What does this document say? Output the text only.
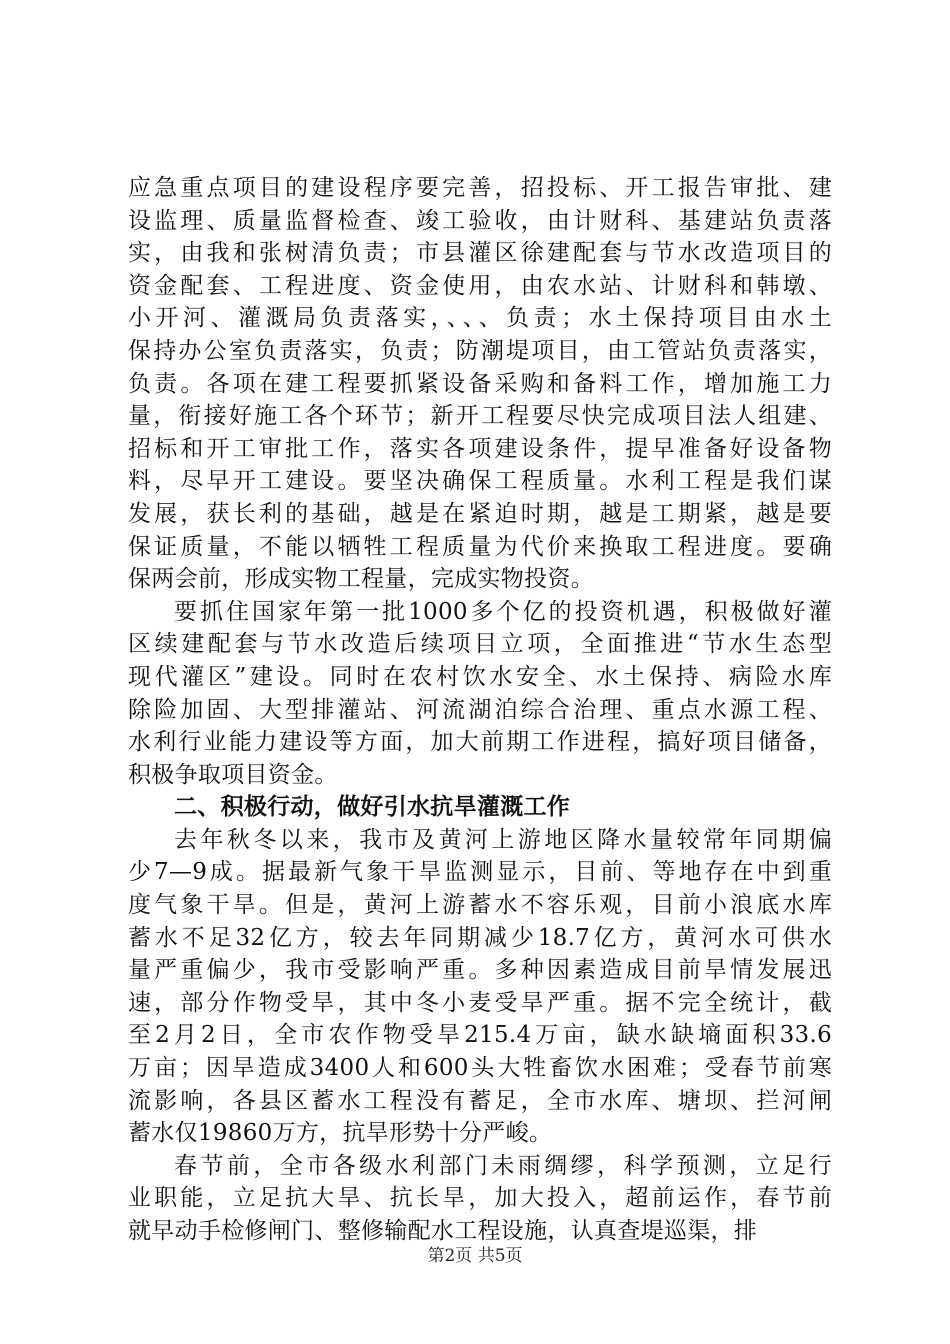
应急重点项目的建设程序要完善，招投标、开工报告审批、建
设监理、质量监督检查、竣工验收，由计财科、基建站负责落
实，由我和张树清负责；市县灌区徐建配套与节水改造项目的
资金配套、工程进度、资金使用，由农水站、计财科和韩墩、
小开河、灌溉局负责落实，、、、负责；水土保持项目由水土
保持办公室负责落实，负责；防潮堤项目，由工管站负责落实，
负责。各项在建工程要抓紧设备采购和备料工作，增加施工力
量，衔接好施工各个环节；新开工程要尽快完成项目法人组建、
招标和开工审批工作，落实各项建设条件，提早准备好设备物
料，尽早开工建设。要坚决确保工程质量。水利工程是我们谋
发展，获长利的基础，越是在紧迫时期，越是工期紧，越是要
保证质量，不能以牺牲工程质量为代价来换取工程进度。要确
保两会前，形成实物工程量，完成实物投资。
要抓住国家年第一批1000多个亿的投资机遇，积极做好灌
区续建配套与节水改造后续项目立项，全面推进“节水生态型
现代灌区”建设。同时在农村饮水安全、水土保持、病险水库
除险加固、大型排灌站、河流湖泊综合治理、重点水源工程、
水利行业能力建设等方面，加大前期工作进程，搞好项目储备，
积极争取项目资金。
二、积极行动，做好引水抗旱灌溉工作
去年秋冬以来，我市及黄河上游地区降水量较常年同期偏
少7—9成。据最新气象干旱监测显示，目前、等地存在中到重
度气象干旱。但是，黄河上游蓄水不容乐观，目前小浪底水库
蓄水不足32亿方，较去年同期减少18.7亿方，黄河水可供水
量严重偏少，我市受影响严重。多种因素造成目前旱情发展迅
速，部分作物受旱，其中冬小麦受旱严重。据不完全统计，截
至2月2日，全市农作物受旱215.4万亩，缺水缺墒面积33.6
万亩；因旱造成3400人和600头大牲畜饮水困难；受春节前寒
流影响，各县区蓄水工程没有蓄足，全市水库、塘坝、拦河闸
蓄水仅19860万方，抗旱形势十分严峻。
春节前，全市各级水利部门未雨绸缪，科学预测，立足行
业职能，立足抗大旱、抗长旱，加大投入，超前运作，春节前
就早动手检修闸门、整修输配水工程设施，认真查堤巡渠，排
第2页 共5页
